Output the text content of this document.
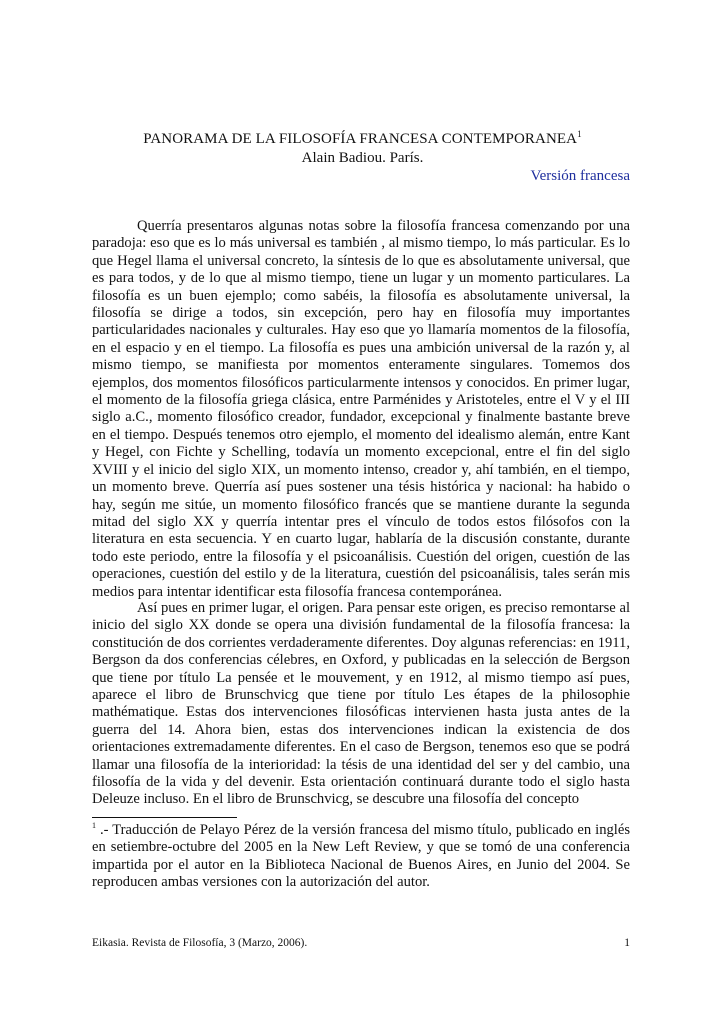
PANORAMA DE LA FILOSOFÍA FRANCESA CONTEMPORANEA$^1$
Alain Badiou. París.
Versión francesa

Querría presentaros algunas notas sobre la filosofía francesa comenzando por una paradoja: eso que es lo más universal es también , al mismo tiempo, lo más particular. Es lo que Hegel llama el universal concreto, la síntesis de lo que es absolutamente universal, que es para todos, y de lo que al mismo tiempo, tiene un lugar y un momento particulares. La filosofía es un buen ejemplo; como sabéis, la filosofía es absolutamente universal, la filosofía se dirige a todos, sin excepción, pero hay en filosofía muy importantes particularidades nacionales y culturales. Hay eso que yo llamaría momentos de la filosofía, en el espacio y en el tiempo. La filosofía es pues una ambición universal de la razón y, al mismo tiempo, se manifiesta por momentos enteramente singulares. Tomemos dos ejemplos, dos momentos filosóficos particularmente intensos y conocidos. En primer lugar, el momento de la filosofía griega clásica, entre Parménides y Aristoteles, entre el V y el III siglo a.C., momento filosófico creador, fundador, excepcional y finalmente bastante breve en el tiempo. Después tenemos otro ejemplo, el momento del idealismo alemán, entre Kant y Hegel, con Fichte y Schelling, todavía un momento excepcional, entre el fin del siglo XVIII y el inicio del siglo XIX, un momento intenso, creador y, ahí también, en el tiempo, un momento breve. Querría así pues sostener una tésis histórica y nacional: ha habido o hay, según me sitúe, un momento filosófico francés que se mantiene durante la segunda mitad del siglo XX y querría intentar pres el vínculo de todos estos filósofos con la literatura en esta secuencia. Y en cuarto lugar, hablaría de la discusión constante, durante todo este periodo, entre la filosofía y el psicoanálisis. Cuestión del origen, cuestión de las operaciones, cuestión del estilo y de la literatura, cuestión del psicoanálisis, tales serán mis medios para intentar identificar esta filosofía francesa contemporánea.

Así pues en primer lugar, el origen. Para pensar este origen, es preciso remontarse al inicio del siglo XX donde se opera una división fundamental de la filosofía francesa: la constitución de dos corrientes verdaderamente diferentes. Doy algunas referencias: en 1911, Bergson da dos conferencias célebres, en Oxford, y publicadas en la selección de Bergson que tiene por título La pensée et le mouvement, y en 1912, al mismo tiempo así pues, aparece el libro de Brunschvicg que tiene por título Les étapes de la philosophie mathématique. Estas dos intervenciones filosóficas intervienen hasta justa antes de la guerra del 14. Ahora bien, estas dos intervenciones indican la existencia de dos orientaciones extremadamente diferentes. En el caso de Bergson, tenemos eso que se podrá llamar una filosofía de la interioridad: la tésis de una identidad del ser y del cambio, una filosofía de la vida y del devenir. Esta orientación continuará durante todo el siglo hasta Deleuze incluso. En el libro de Brunschvicg, se descubre una filosofía del concepto

$^1$ .- Traducción de Pelayo Pérez de la versión francesa del mismo título, publicado en inglés en setiembre-octubre del 2005 en la New Left Review, y que se tomó de una conferencia impartida por el autor en la Biblioteca Nacional de Buenos Aires, en Junio del 2004. Se reproducen ambas versiones con la autorización del autor.
Eikasia. Revista de Filosofía, 3 (Marzo, 2006).	1
